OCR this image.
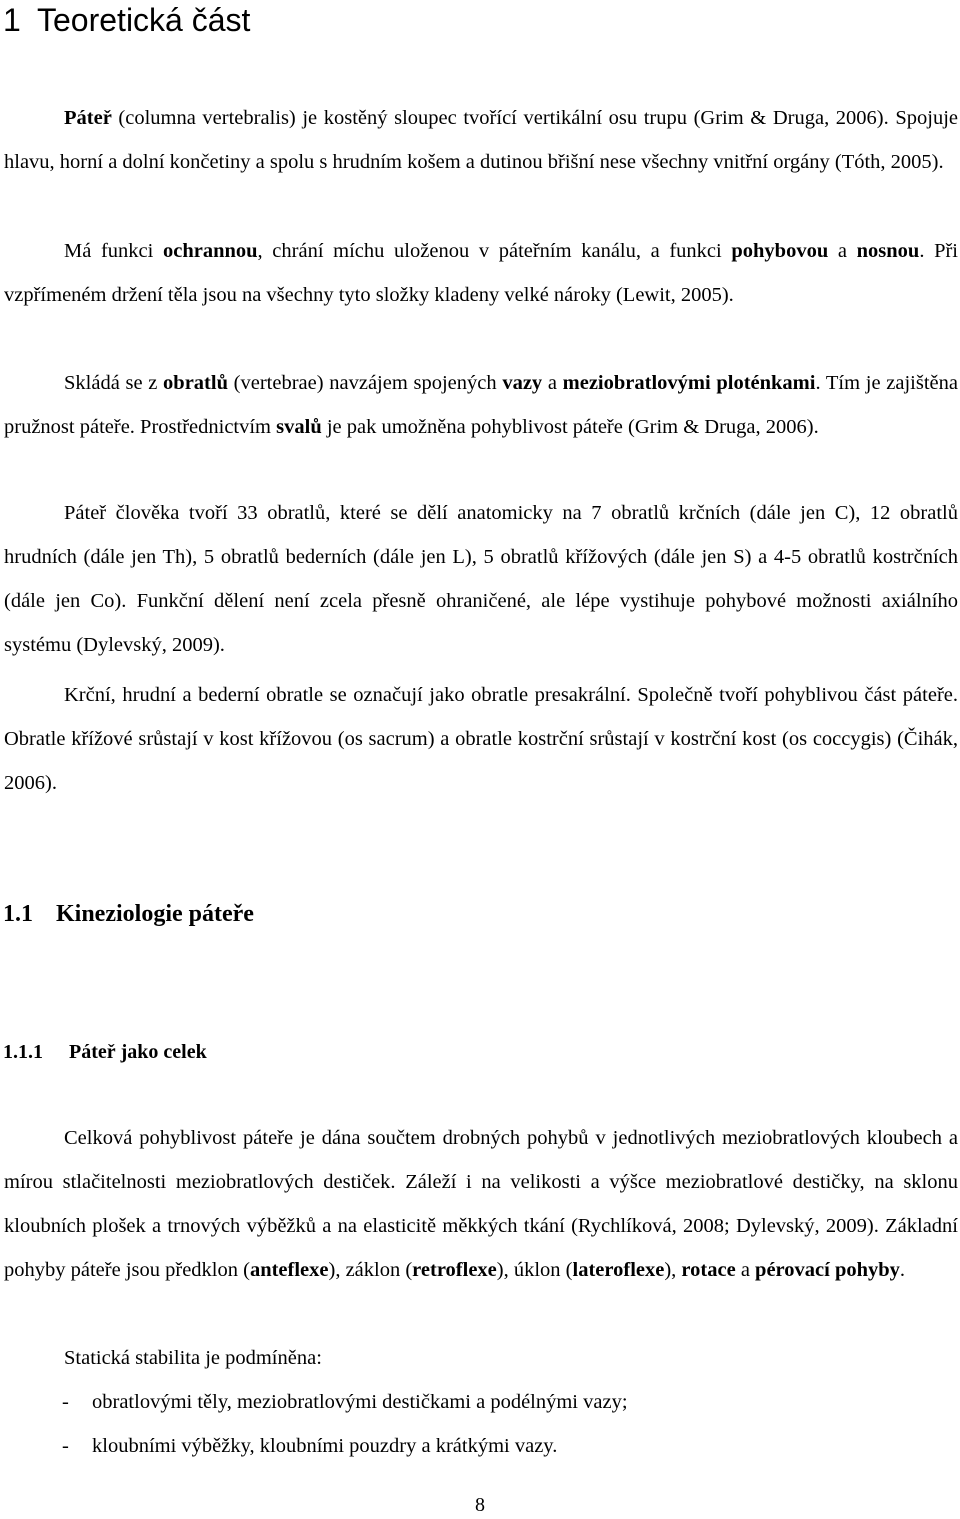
1 Teoretická část

Páteř (columna vertebralis) je kostěný sloupec tvořící vertikální osu trupu (Grim & Druga, 2006). Spojuje hlavu, horní a dolní končetiny a spolu s hrudním košem a dutinou břišní nese všechny vnitřní orgány (Tóth, 2005).

Má funkci ochrannou, chrání míchu uloženou v páteřním kanálu, a funkci pohybovou a nosnou. Při vzpřímeném držení těla jsou na všechny tyto složky kladeny velké nároky (Lewit, 2005).

Skládá se z obratlů (vertebrae) navzájem spojených vazy a meziobratlovými ploténkami. Tím je zajištěna pružnost páteře. Prostřednictvím svalů je pak umožněna pohyblivost páteře (Grim & Druga, 2006).

Páteř člověka tvoří 33 obratlů, které se dělí anatomicky na 7 obratlů krčních (dále jen C), 12 obratlů hrudních (dále jen Th), 5 obratlů bederních (dále jen L), 5 obratlů křížových (dále jen S) a 4-5 obratlů kostrčních (dále jen Co). Funkční dělení není zcela přesně ohraničené, ale lépe vystihuje pohybové možnosti axiálního systému (Dylevský, 2009).

Krční, hrudní a bederní obratle se označují jako obratle presakrální. Společně tvoří pohyblivou část páteře. Obratle křížové srůstají v kost křížovou (os sacrum) a obratle kostrční srůstají v kostrční kost (os coccygis) (Čihák, 2006).

1.1 Kineziologie páteře
1.1.1 Páteř jako celek

Celková pohyblivost páteře je dána součtem drobných pohybů v jednotlivých meziobratlových kloubech a mírou stlačitelnosti meziobratlových destiček. Záleží i na velikosti a výšce meziobratlové destičky, na sklonu kloubních plošek a trnových výběžků a na elasticitě měkkých tkání (Rychlíková, 2008; Dylevský, 2009). Základní pohyby páteře jsou předklon (anteflexe), záklon (retroflexe), úklon (lateroflexe), rotace a pérovací pohyby.

Statická stabilita je podmíněna:

- obratlovými těly, meziobratlovými destičkami a podélnými vazy;
- kloubními výběžky, kloubními pouzdry a krátkými vazy.
8
